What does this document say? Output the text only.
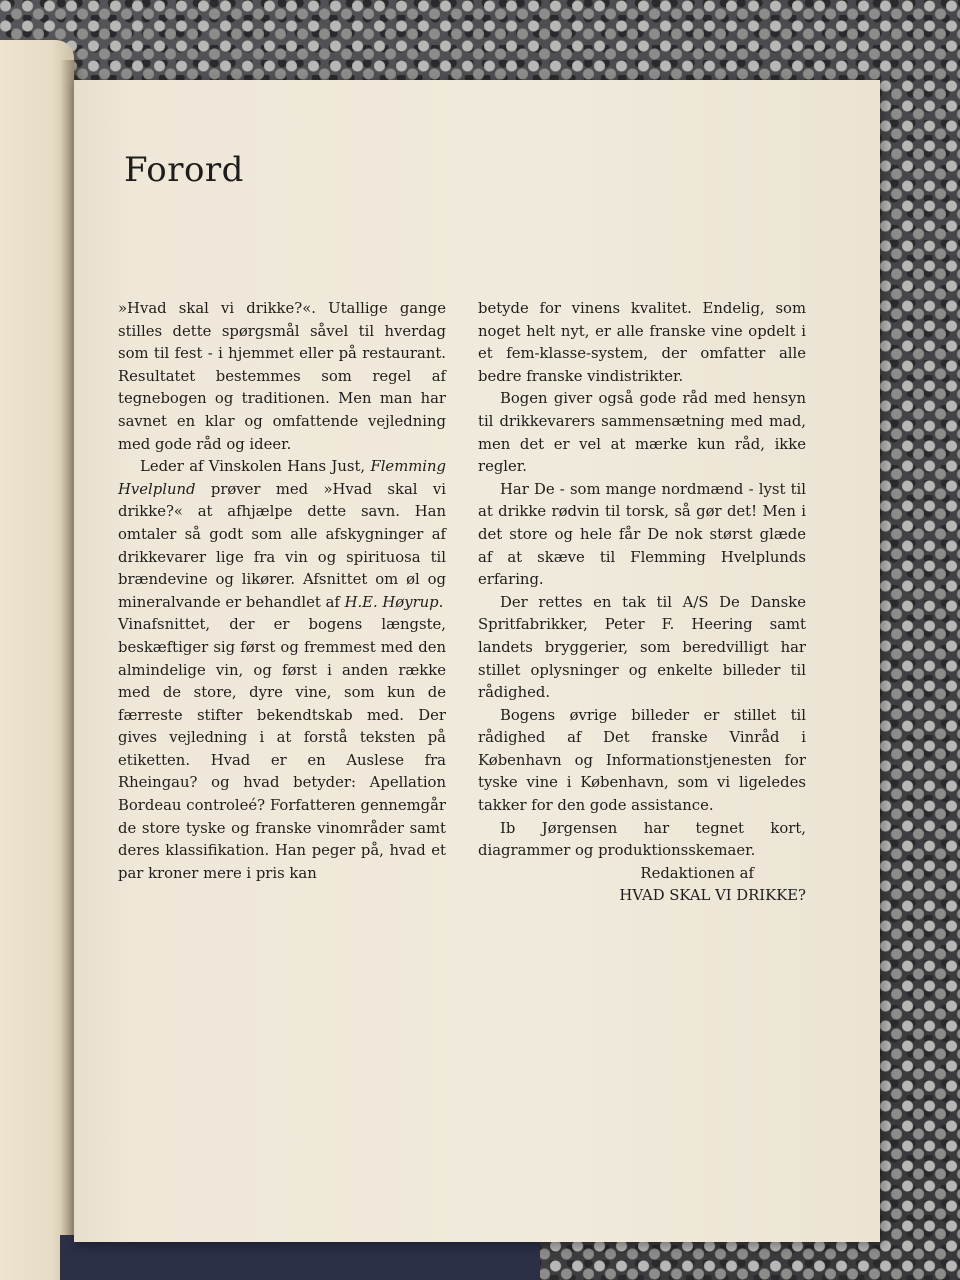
Forord

»Hvad skal vi drikke?«. Utallige gange stilles dette spørgsmål såvel til hverdag som til fest - i hjemmet eller på restaurant. Resultatet bestemmes som regel af tegnebogen og traditionen. Men man har savnet en klar og omfattende vejledning med gode råd og ideer.

Leder af Vinskolen Hans Just, Flemming Hvelplund prøver med »Hvad skal vi drikke?« at afhjælpe dette savn. Han omtaler så godt som alle afskygninger af drikkevarer lige fra vin og spirituosa til brændevine og likører. Afsnittet om øl og mineralvande er behandlet af H.E. Høyrup.

Vinafsnittet, der er bogens længste, beskæftiger sig først og fremmest med den almindelige vin, og først i anden række med de store, dyre vine, som kun de færreste stifter bekendtskab med. Der gives vejledning i at forstå teksten på etiketten. Hvad er en Auslese fra Rheingau? og hvad betyder: Apellation Bordeau controleé? Forfatteren gennemgår de store tyske og franske vinområder samt deres klassifikation. Han peger på, hvad et par kroner mere i pris kan

betyde for vinens kvalitet. Endelig, som noget helt nyt, er alle franske vine opdelt i et fem-klasse-system, der omfatter alle bedre franske vindistrikter.

Bogen giver også gode råd med hensyn til drikkevarers sammensætning med mad, men det er vel at mærke kun råd, ikke regler.

Har De - som mange nordmænd - lyst til at drikke rødvin til torsk, så gør det! Men i det store og hele får De nok størst glæde af at skæve til Flemming Hvelplunds erfaring.

Der rettes en tak til A/S De Danske Spritfabrikker, Peter F. Heering samt landets bryggerier, som beredvilligt har stillet oplysninger og enkelte billeder til rådighed.

Bogens øvrige billeder er stillet til rådighed af Det franske Vinråd i København og Informationstjenesten for tyske vine i København, som vi ligeledes takker for den gode assistance.

Ib Jørgensen har tegnet kort, diagrammer og produktionsskemaer.

Redaktionen af

HVAD SKAL VI DRIKKE?
